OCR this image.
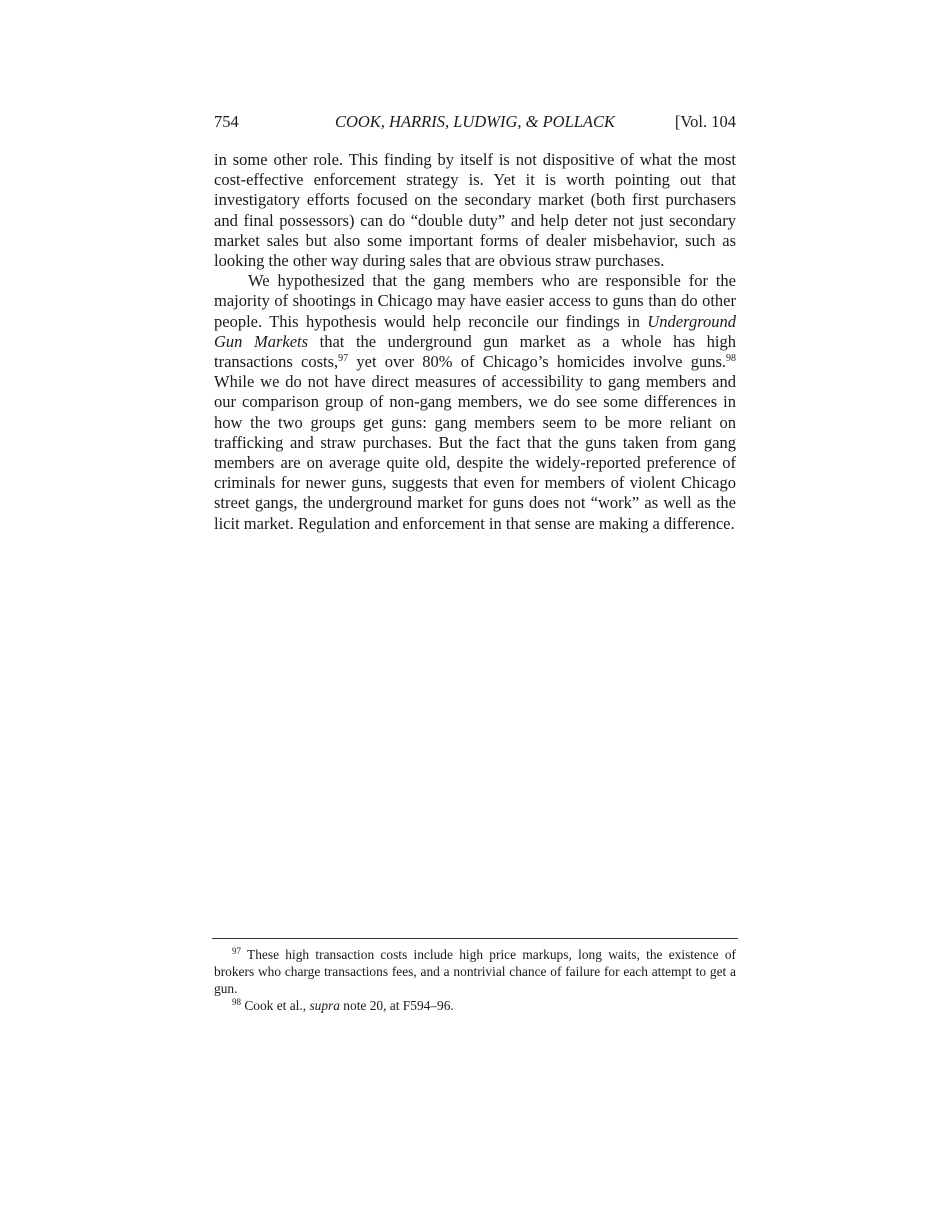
754	COOK, HARRIS, LUDWIG, & POLLACK	[Vol. 104

in some other role. This finding by itself is not dispositive of what the most cost-effective enforcement strategy is. Yet it is worth pointing out that investigatory efforts focused on the secondary market (both first purchasers and final possessors) can do “double duty” and help deter not just secondary market sales but also some important forms of dealer misbehavior, such as looking the other way during sales that are obvious straw purchases.

We hypothesized that the gang members who are responsible for the majority of shootings in Chicago may have easier access to guns than do other people. This hypothesis would help reconcile our findings in Underground Gun Markets that the underground gun market as a whole has high transactions costs,$^{97}$ yet over 80% of Chicago’s homicides involve guns.$^{98}$ While we do not have direct measures of accessibility to gang members and our comparison group of non-gang members, we do see some differences in how the two groups get guns: gang members seem to be more reliant on trafficking and straw purchases. But the fact that the guns taken from gang members are on average quite old, despite the widely-reported preference of criminals for newer guns, suggests that even for members of violent Chicago street gangs, the underground market for guns does not “work” as well as the licit market. Regulation and enforcement in that sense are making a difference.

$^{97}$ These high transaction costs include high price markups, long waits, the existence of brokers who charge transactions fees, and a nontrivial chance of failure for each attempt to get a gun.

$^{98}$ Cook et al., supra note 20, at F594–96.
